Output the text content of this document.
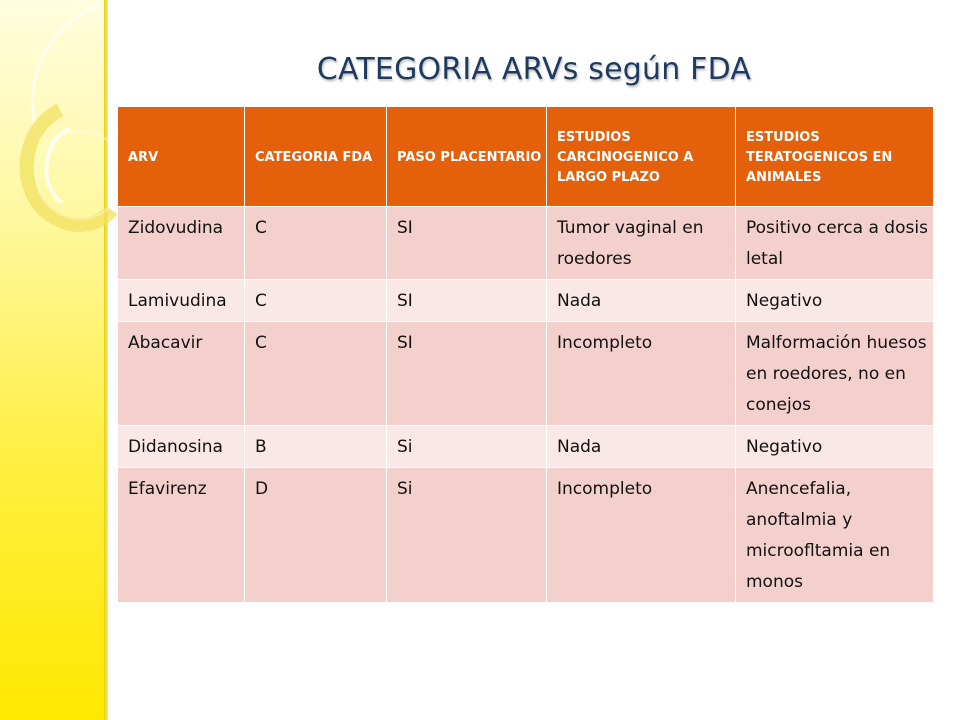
CATEGORIA ARVs según FDA
ARV	CATEGORIA FDA	PASO PLACENTARIO	ESTUDIOS CARCINOGENICO A LARGO PLAZO	ESTUDIOS TERATOGENICOS EN ANIMALES
Zidovudina	C	SI	Tumor vaginal en roedores	Positivo cerca a dosis letal
Lamivudina	C	SI	Nada	Negativo
Abacavir	C	SI	Incompleto	Malformación huesos en roedores, no en conejos
Didanosina	B	Si	Nada	Negativo
Efavirenz	D	Si	Incompleto	Anencefalia, anoftalmia y microofltamia en monos
